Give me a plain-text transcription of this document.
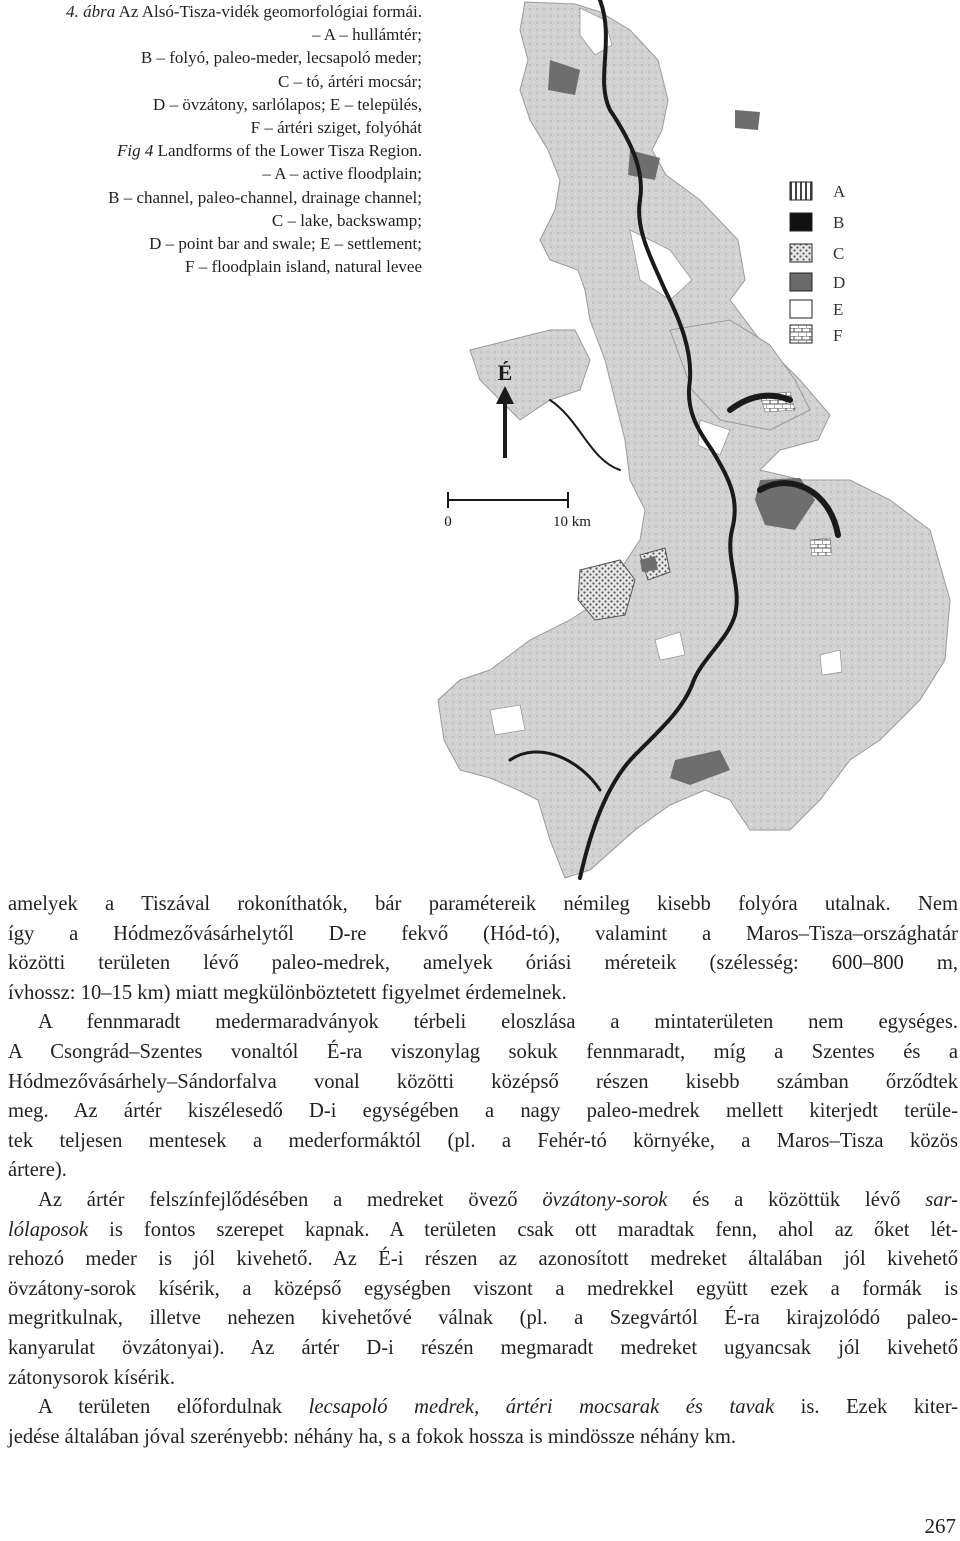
4. ábra Az Alsó-Tisza-vidék geomorfológiai formái.
– A – hullámtér;
B – folyó, paleo-meder, lecsapoló meder;
C – tó, ártéri mocsár;
D – övzátony, sarlólapos; E – település,
F – ártéri sziget, folyóhát
Fig 4 Landforms of the Lower Tisza Region.
– A – active floodplain;
B – channel, paleo-channel, drainage channel;
C – lake, backswamp;
D – point bar and swale; E – settlement;
F – floodplain island, natural levee
É
0	10 km
A
B
C
D
E
F

amelyek a Tiszával rokoníthatók, bár paramétereik némileg kisebb folyóra utalnak. Nem
így a Hódmezővásárhelytől D-re fekvő (Hód-tó), valamint a Maros–Tisza–országhatár
közötti területen lévő paleo-medrek, amelyek óriási méreteik (szélesség: 600–800 m,
ívhossz: 10–15 km) miatt megkülönböztetett figyelmet érdemelnek.

A fennmaradt medermaradványok térbeli eloszlása a mintaterületen nem egységes.
A Csongrád–Szentes vonaltól É-ra viszonylag sokuk fennmaradt, míg a Szentes és a
Hódmezővásárhely–Sándorfalva vonal közötti középső részen kisebb számban őrződtek
meg. Az ártér kiszélesedő D-i egységében a nagy paleo-medrek mellett kiterjedt terüle-
tek teljesen mentesek a mederformáktól (pl. a Fehér-tó környéke, a Maros–Tisza közös
ártere).

Az ártér felszínfejlődésében a medreket övező övzátony-sorok és a közöttük lévő sar-
lólaposok is fontos szerepet kapnak. A területen csak ott maradtak fenn, ahol az őket lét-
rehozó meder is jól kivehető. Az É-i részen az azonosított medreket általában jól kivehető
övzátony-sorok kísérik, a középső egységben viszont a medrekkel együtt ezek a formák is
megritkulnak, illetve nehezen kivehetővé válnak (pl. a Szegvártól É-ra kirajzolódó paleo-
kanyarulat övzátonyai). Az ártér D-i részén megmaradt medreket ugyancsak jól kivehető
zátonysorok kísérik.

A területen előfordulnak lecsapoló medrek, ártéri mocsarak és tavak is. Ezek kiter-
jedése általában jóval szerényebb: néhány ha, s a fokok hossza is mindössze néhány km.

267
